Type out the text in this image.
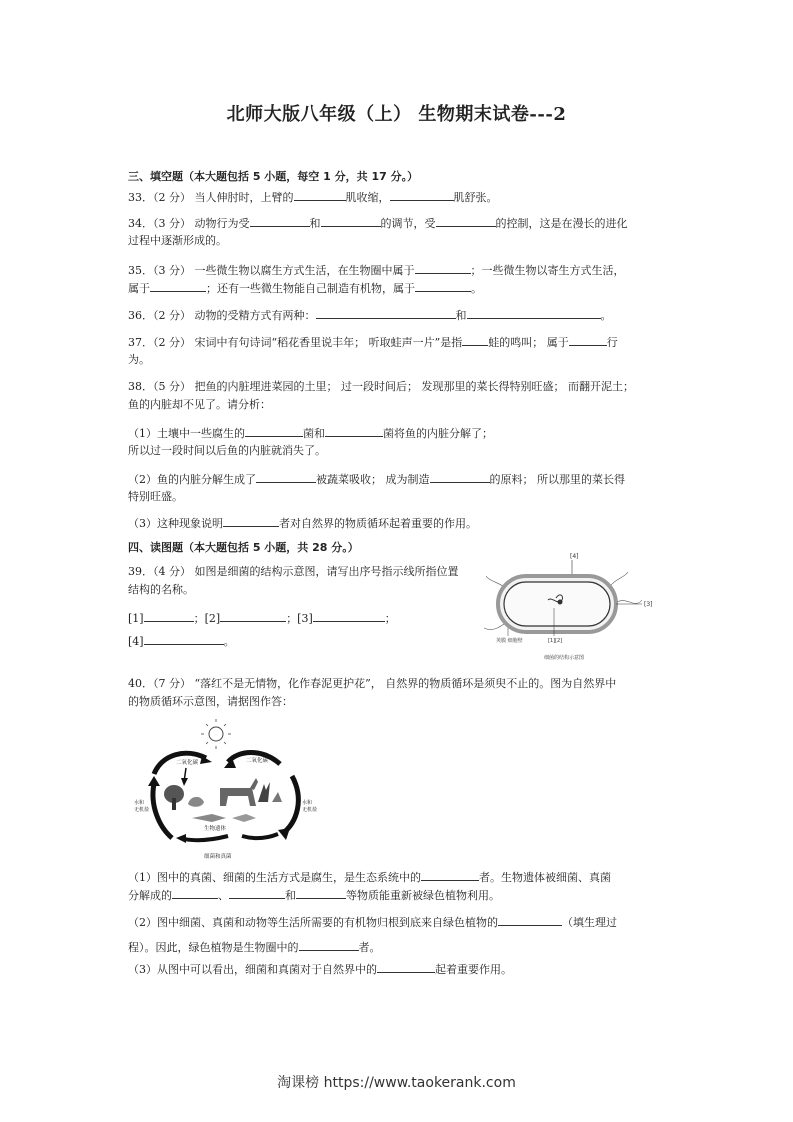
北师大版八年级（上） 生物期末试卷---2
三、填空题（本大题包括 5 小题，每空 1 分，共 17 分。）
33．（2 分） 当人伸肘时，上臂的	肌收缩，	肌舒张。
34．（3 分） 动物行为受	和	的调节，受	的控制，这是在漫长的进化
过程中逐渐形成的。
35．（3 分） 一些微生物以腐生方式生活，在生物圈中属于	；一些微生物以寄生方式生活，
属于	；还有一些微生物能自己制造有机物，属于	。
36．（2 分） 动物的受精方式有两种：	和	。
37．（2 分） 宋词中有句诗词“稻花香里说丰年； 听取蛙声一片”是指 蛙的鸣叫； 属于	行
为。
38．（5 分） 把鱼的内脏埋进菜园的土里； 过一段时间后； 发现那里的菜长得特别旺盛； 而翻开泥土；
鱼的内脏却不见了。请分析：
（1）土壤中一些腐生的	菌和	菌将鱼的内脏分解了；
所以过一段时间以后鱼的内脏就消失了。
（2）鱼的内脏分解生成了	被蔬菜吸收； 成为制造	的原料； 所以那里的菜长得
特别旺盛。
（3）这种现象说明	者对自然界的物质循环起着重要的作用。
四、读图题（本大题包括 5 小题，共 28 分。）
39．（4 分） 如图是细菌的结构示意图，请写出序号指示线所指位置
结构的名称。
[1]	；[2]	；[3]	；
[4]	。
[4]
[3]
荚膜 细胞壁	[1][2]
细菌的结构示意图
40．（7 分） “落红不是无情物，化作春泥更护花”， 自然界的物质循环是须臾不止的。图为自然界中
的物质循环示意图，请据图作答：
二氧化碳	二氧化碳
水和
无机盐
水和
无机盐
生物遗体
细菌和真菌
（1）图中的真菌、细菌的生活方式是腐生，是生态系统中的	者。生物遗体被细菌、真菌
分解成的	、	和	等物质能重新被绿色植物利用。
（2）图中细菌、真菌和动物等生活所需要的有机物归根到底来自绿色植物的	（填生理过
程）。因此，绿色植物是生物圈中的	者。
（3）从图中可以看出，细菌和真菌对于自然界中的	起着重要作用。
淘课榜 https://www.taokerank.com
